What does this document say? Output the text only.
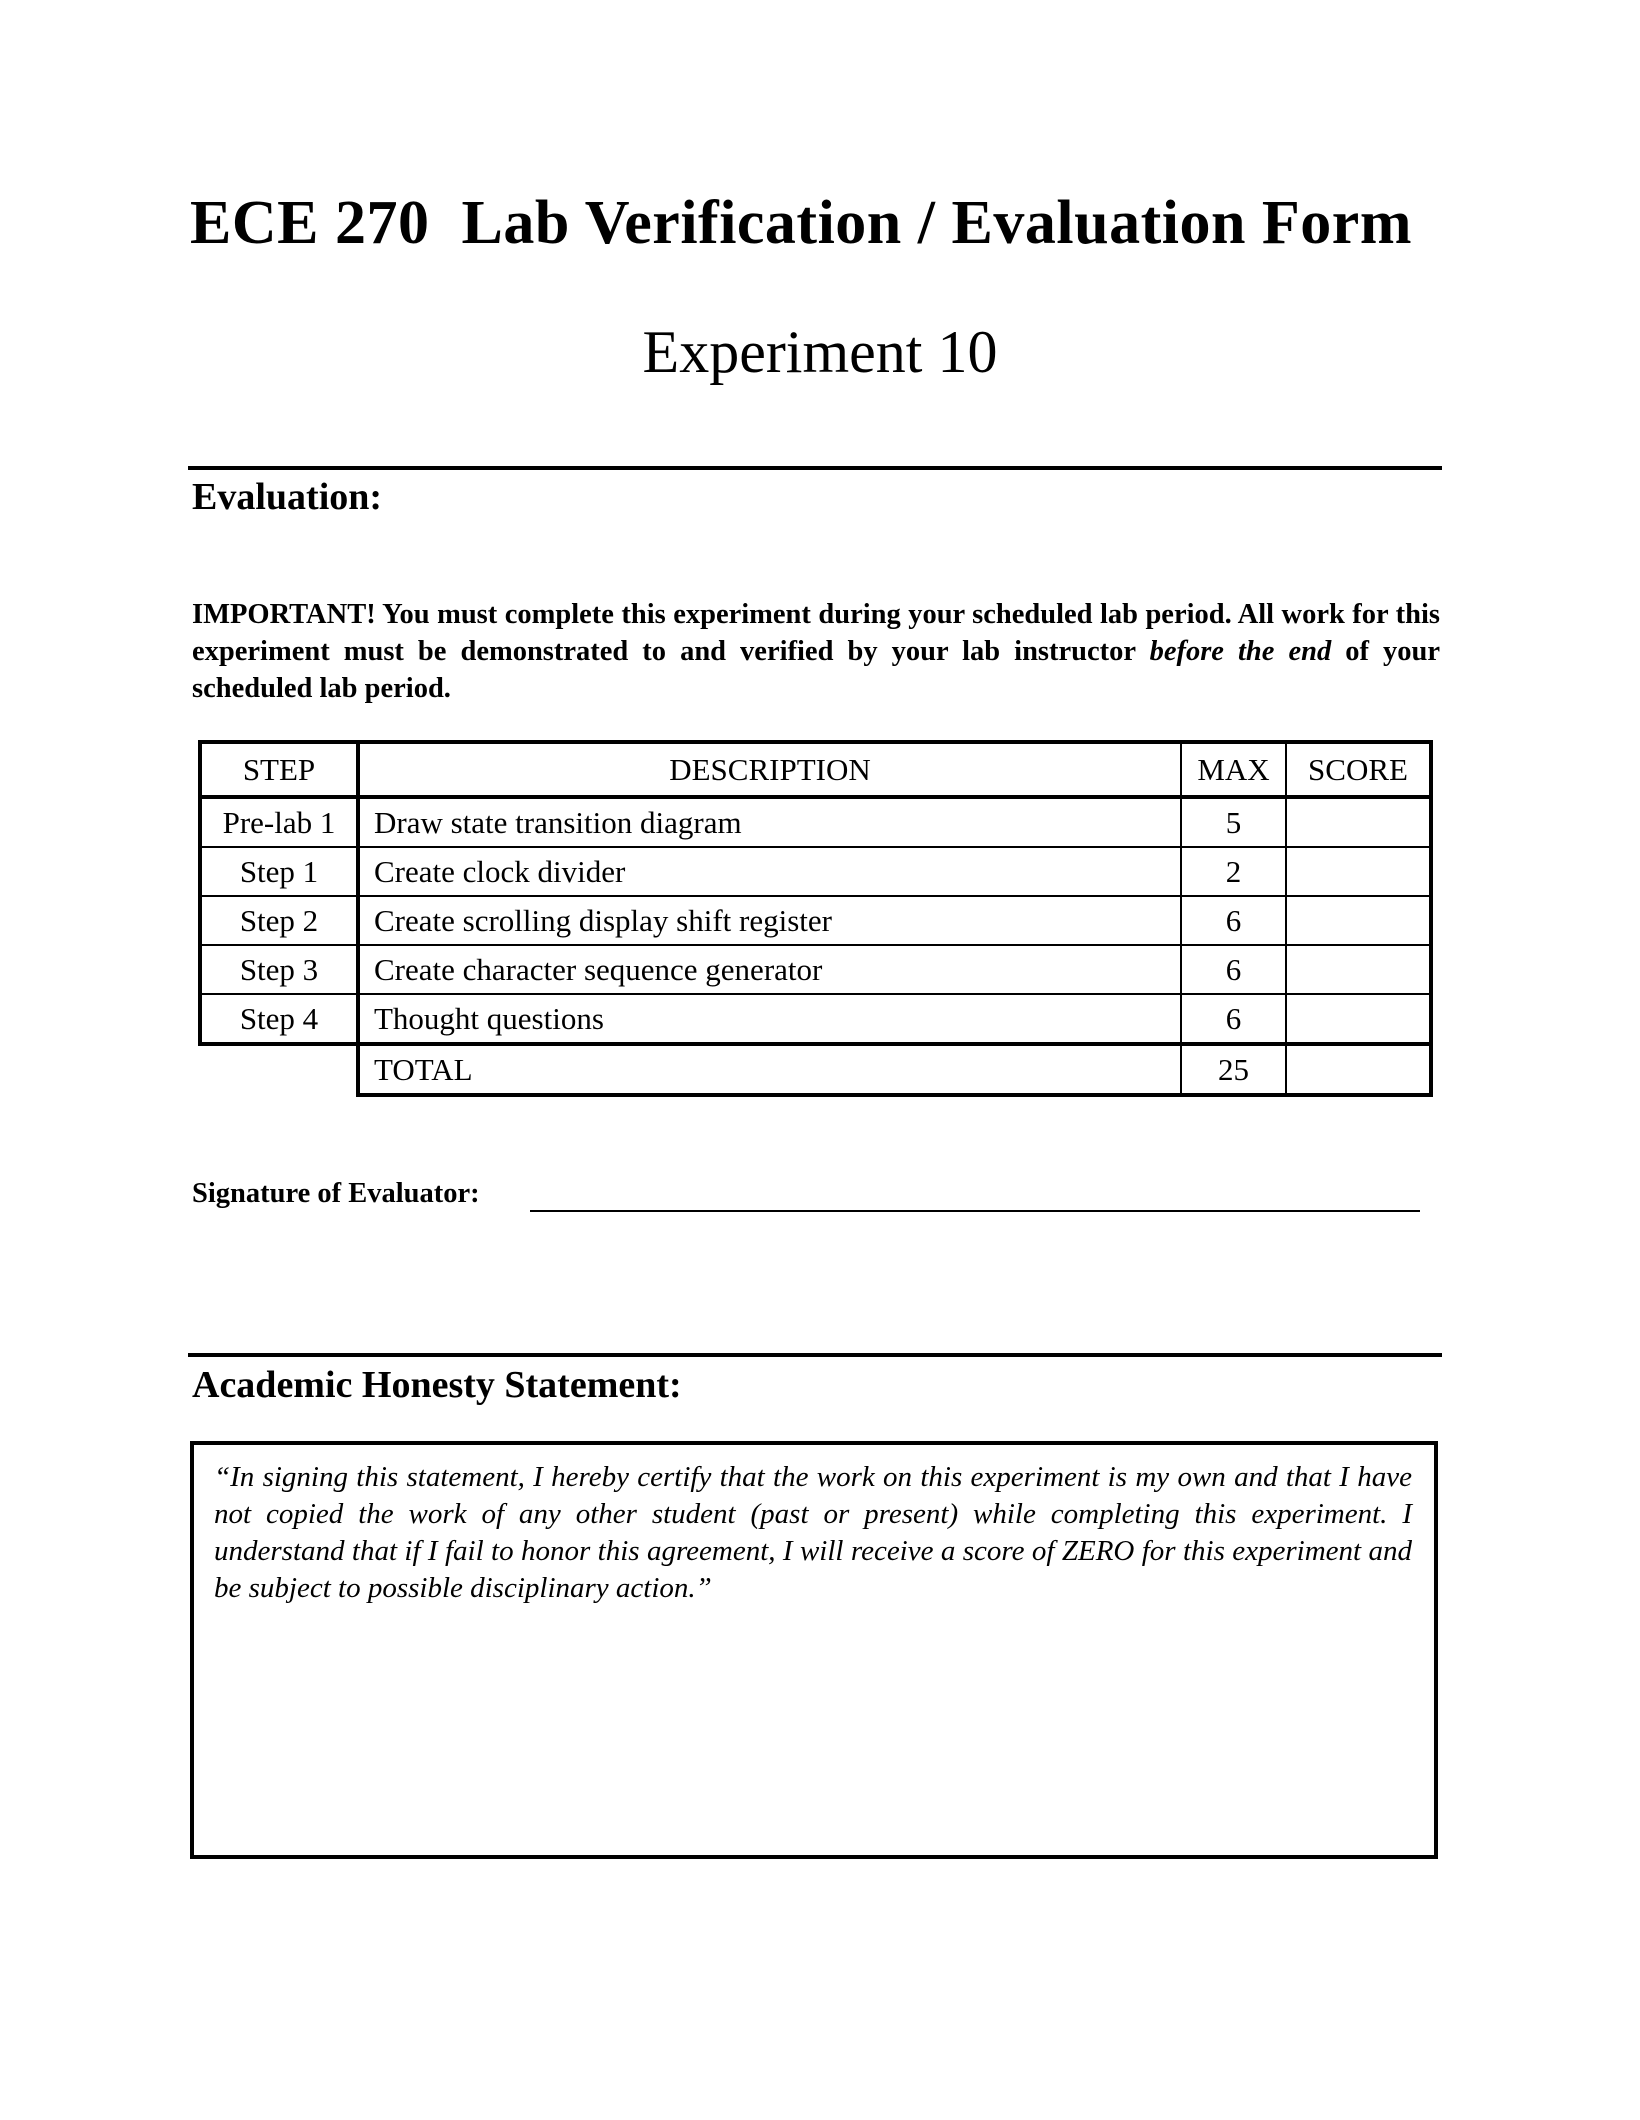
ECE 270  Lab Verification / Evaluation Form
Experiment 10
Evaluation:
IMPORTANT! You must complete this experiment during your scheduled lab period. All work for this experiment must be demonstrated to and verified by your lab instructor before the end of your scheduled lab period.
STEP	DESCRIPTION	MAX	SCORE
Pre-lab 1	Draw state transition diagram	5	
Step 1	Create clock divider	2	
Step 2	Create scrolling display shift register	6	
Step 3	Create character sequence generator	6	
Step 4	Thought questions	6	
	TOTAL	25	
Signature of Evaluator:
Academic Honesty Statement:
“In signing this statement, I hereby certify that the work on this experiment is my own and that I have not copied the work of any other student (past or present) while completing this experiment. I understand that if I fail to honor this agreement, I will receive a score of ZERO for this experiment and be subject to possible disciplinary action.”
